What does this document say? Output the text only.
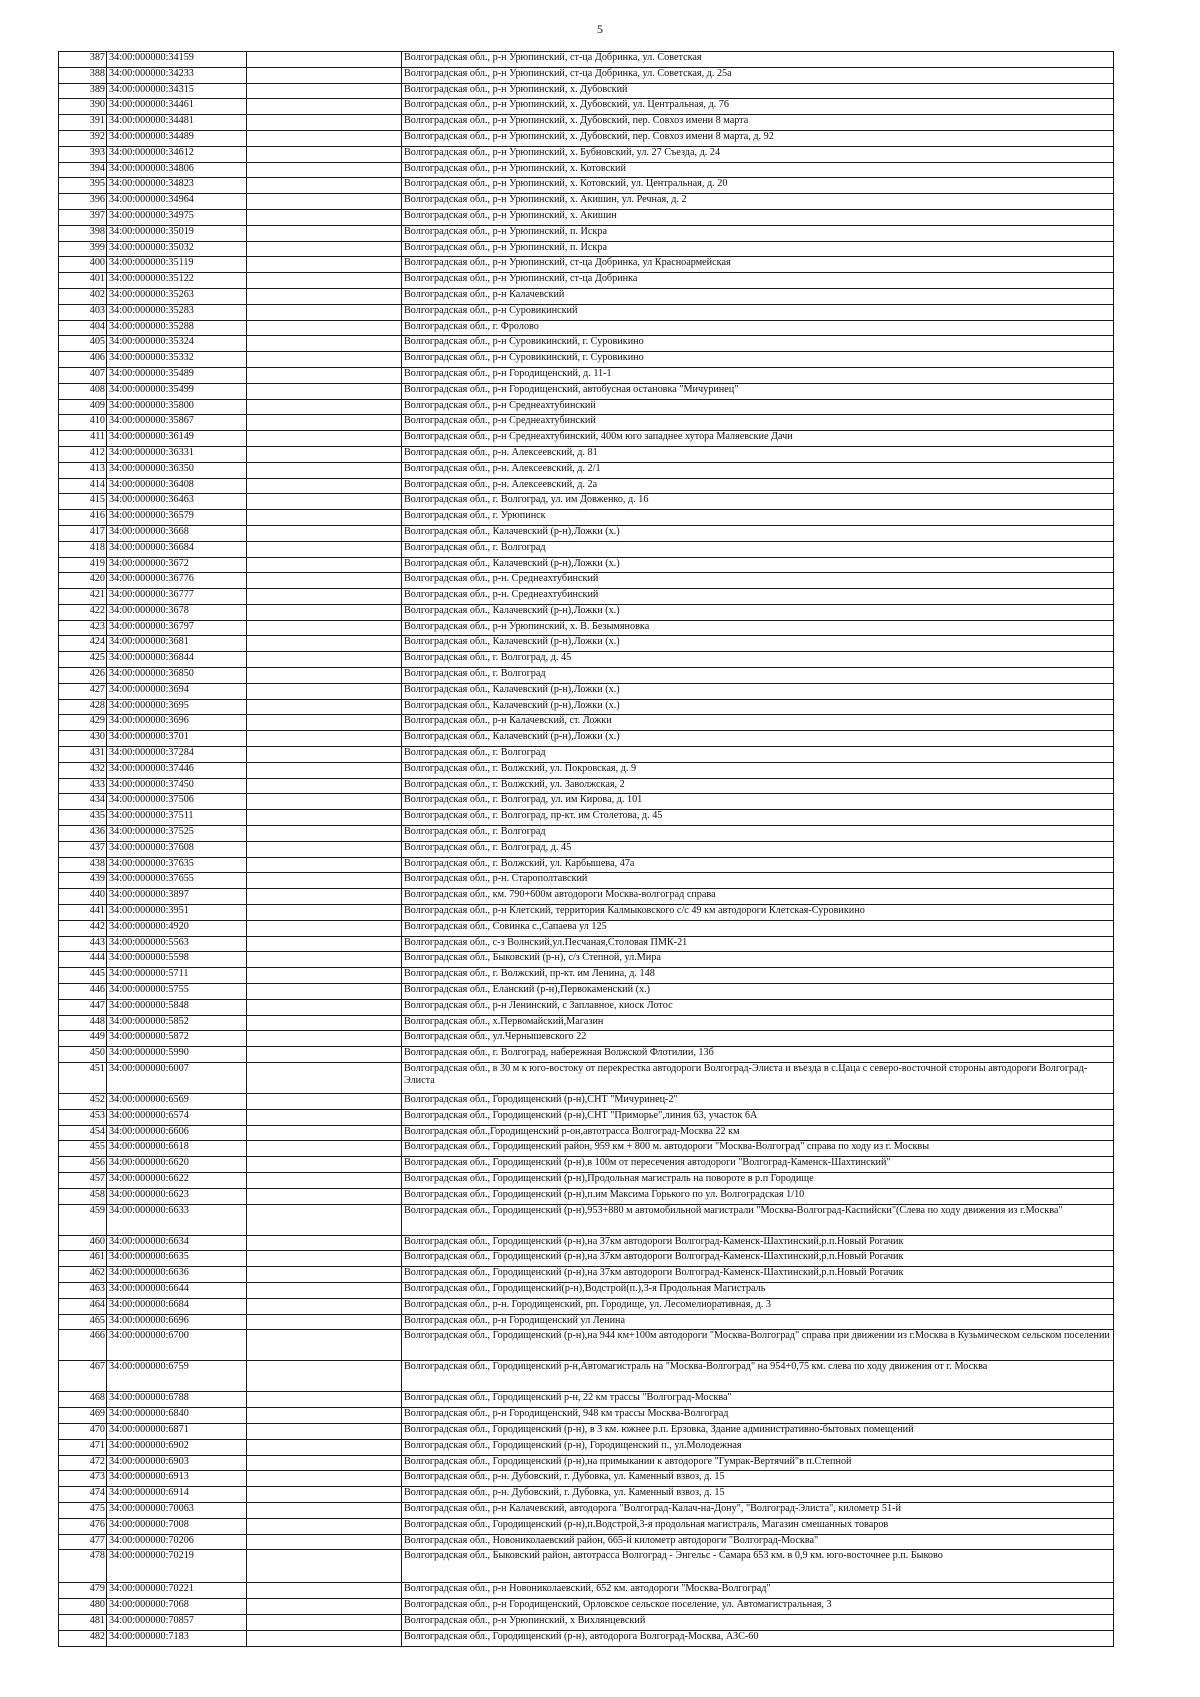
5
387	34:00:000000:34159		Волгоградская обл., р-н Урюпинский, ст-ца Добринка, ул. Советская
388	34:00:000000:34233		Волгоградская обл., р-н Урюпинский, ст-ца Добринка, ул. Советская, д. 25а
389	34:00:000000:34315		Волгоградская обл., р-н Урюпинский, х. Дубовский
390	34:00:000000:34461		Волгоградская обл., р-н Урюпинский, х. Дубовский, ул. Центральная, д. 76
391	34:00:000000:34481		Волгоградская обл., р-н Урюпинский, х. Дубовский, пер. Совхоз имени 8 марта
392	34:00:000000:34489		Волгоградская обл., р-н Урюпинский, х. Дубовский, пер. Совхоз имени 8 марта, д. 92
393	34:00:000000:34612		Волгоградская обл., р-н Урюпинский, х. Бубновский, ул. 27 Съезда, д. 24
394	34:00:000000:34806		Волгоградская обл., р-н Урюпинский, х. Котовский
395	34:00:000000:34823		Волгоградская обл., р-н Урюпинский, х. Котовский, ул. Центральная, д. 20
396	34:00:000000:34964		Волгоградская обл., р-н Урюпинский, х. Акишин, ул. Речная, д. 2
397	34:00:000000:34975		Волгоградская обл., р-н Урюпинский, х. Акишин
398	34:00:000000:35019		Волгоградская обл., р-н Урюпинский, п. Искра
399	34:00:000000:35032		Волгоградская обл., р-н Урюпинский, п. Искра
400	34:00:000000:35119		Волгоградская обл., р-н Урюпинский, ст-ца Добринка, ул Красноармейская
401	34:00:000000:35122		Волгоградская обл., р-н Урюпинский, ст-ца Добринка
402	34:00:000000:35263		Волгоградская обл., р-н Калачевский
403	34:00:000000:35283		Волгоградская обл., р-н Суровикинский
404	34:00:000000:35288		Волгоградская обл., г. Фролово
405	34:00:000000:35324		Волгоградская обл., р-н Суровикинский, г. Суровикино
406	34:00:000000:35332		Волгоградская обл., р-н Суровикинский, г. Суровикино
407	34:00:000000:35489		Волгоградская обл., р-н Городищенский, д. 11-1
408	34:00:000000:35499		Волгоградская обл., р-н Городищенский, автобусная остановка "Мичуринец"
409	34:00:000000:35800		Волгоградская обл., р-н Среднеахтубинский
410	34:00:000000:35867		Волгоградская обл., р-н Среднеахтубинский
411	34:00:000000:36149		Волгоградская обл., р-н Среднеахтубинский, 400м юго западнее хутора Маляевские Дачи
412	34:00:000000:36331		Волгоградская обл., р-н. Алексеевский, д. 81
413	34:00:000000:36350		Волгоградская обл., р-н. Алексеевский, д. 2/1
414	34:00:000000:36408		Волгоградская обл., р-н. Алексеевский, д. 2а
415	34:00:000000:36463		Волгоградская обл., г. Волгоград, ул. им Довженко, д. 16
416	34:00:000000:36579		Волгоградская обл., г. Урюпинск
417	34:00:000000:3668		Волгоградская обл., Калачевский (р-н),Ложки (х.)
418	34:00:000000:36684		Волгоградская обл., г. Волгоград
419	34:00:000000:3672		Волгоградская обл., Калачевский (р-н),Ложки (х.)
420	34:00:000000:36776		Волгоградская обл., р-н. Среднеахтубинский
421	34:00:000000:36777		Волгоградская обл., р-н. Среднеахтубинский
422	34:00:000000:3678		Волгоградская обл., Калачевский (р-н),Ложки (х.)
423	34:00:000000:36797		Волгоградская обл., р-н Урюпинский, х. В. Безымяновка
424	34:00:000000:3681		Волгоградская обл., Калачевский (р-н),Ложки (х.)
425	34:00:000000:36844		Волгоградская обл., г. Волгоград, д. 45
426	34:00:000000:36850		Волгоградская обл., г. Волгоград
427	34:00:000000:3694		Волгоградская обл., Калачевский (р-н),Ложки (х.)
428	34:00:000000:3695		Волгоградская обл., Калачевский (р-н),Ложки (х.)
429	34:00:000000:3696		Волгоградская обл., р-н Калачевский, ст. Ложки
430	34:00:000000:3701		Волгоградская обл., Калачевский (р-н),Ложки (х.)
431	34:00:000000:37284		Волгоградская обл., г. Волгоград
432	34:00:000000:37446		Волгоградская обл., г. Волжский, ул. Покровская, д. 9
433	34:00:000000:37450		Волгоградская обл., г. Волжский, ул. Заволжская, 2
434	34:00:000000:37506		Волгоградская обл., г. Волгоград, ул. им Кирова, д. 101
435	34:00:000000:37511		Волгоградская обл., г. Волгоград, пр-кт. им Столетова, д. 45
436	34:00:000000:37525		Волгоградская обл., г. Волгоград
437	34:00:000000:37608		Волгоградская обл., г. Волгоград, д. 45
438	34:00:000000:37635		Волгоградская обл., г. Волжский, ул. Карбышева, 47а
439	34:00:000000:37655		Волгоградская обл., р-н. Старополтавский
440	34:00:000000:3897		Волгоградская обл., км. 790+600м автодороги Москва-волгоград справа
441	34:00:000000:3951		Волгоградская обл., р-н Клетский, территория Калмыковского с/с 49 км автодороги Клетская-Суровикино
442	34:00:000000:4920		Волгоградская обл., Совинка с.,Сапаева ул 125
443	34:00:000000:5563		Волгоградская обл., с-з Волнский,ул.Песчаная,Столовая ПМК-21
444	34:00:000000:5598		Волгоградская обл., Быковский (р-н), с/з Степной, ул.Мира
445	34:00:000000:5711		Волгоградская обл., г. Волжский, пр-кт. им Ленина, д. 148
446	34:00:000000:5755		Волгоградская обл., Еланский (р-н),Первокаменский (х.)
447	34:00:000000:5848		Волгоградская обл., р-н Ленинский, с Заплавное, киоск Лотос
448	34:00:000000:5852		Волгоградская обл., х.Первомайский,Магазин
449	34:00:000000:5872		Волгоградская обл., ул.Чернышевского 22
450	34:00:000000:5990		Волгоградская обл., г. Волгоград, набережная Волжской Флотилии, 13б
451	34:00:000000:6007		Волгоградская обл., в 30 м к юго-востоку от перекрестка автодороги Волгоград-Элиста и въезда в с.Цаца с северо-восточной стороны автодороги Волгоград-Элиста
452	34:00:000000:6569		Волгоградская обл., Городищенский (р-н),СНТ "Мичуринец-2"
453	34:00:000000:6574		Волгоградская обл., Городищенский (р-н),СНТ "Приморье",линия 63, участок 6А
454	34:00:000000:6606		Волгоградская обл.,Городищенский р-он,автотрасса Волгоград-Москва 22 км
455	34:00:000000:6618		Волгоградская обл., Городищенский район, 959 км + 800 м. автодороги "Москва-Волгоград" справа по ходу из г. Москвы
456	34:00:000000:6620		Волгоградская обл., Городищенский (р-н),в 100м от пересечения автодороги "Волгоград-Каменск-Шахтинский"
457	34:00:000000:6622		Волгоградская обл., Городищенский (р-н),Продольная магистраль на повороте в р.п Городище
458	34:00:000000:6623		Волгоградская обл., Городищенский (р-н),п.им Максима Горького по ул. Волгоградская 1/10
459	34:00:000000:6633		Волгоградская обл., Городищенский (р-н),953+880 м автомобильной магистрали "Москва-Волгоград-Каспийски"(Слева по ходу движения из г.Москва"
460	34:00:000000:6634		Волгоградская обл., Городищенский (р-н),на 37км автодороги Волгоград-Каменск-Шахтинский,р.п.Новый Рогачик
461	34:00:000000:6635		Волгоградская обл., Городищенский (р-н),на 37км автодороги Волгоград-Каменск-Шахтинский,р.п.Новый Рогачик
462	34:00:000000:6636		Волгоградская обл., Городищенский (р-н),на 37км автодороги Волгоград-Каменск-Шахтинский,р.п.Новый Рогачик
463	34:00:000000:6644		Волгоградская обл., Городищенский(р-н),Водстрой(п.),3-я Продольная Магистраль
464	34:00:000000:6684		Волгоградская обл., р-н. Городищенский, рп. Городище, ул. Лесомелиоративная, д. 3
465	34:00:000000:6696		Волгоградская обл., р-н Городищенский ул Ленина
466	34:00:000000:6700		Волгоградская обл., Городищенский (р-н),на 944 км+100м автодороги "Москва-Волгоград" справа при движении из г.Москва в Кузьмическом сельском поселении
467	34:00:000000:6759		Волгоградская обл., Городищенский р-н,Автомагистраль на "Москва-Волгоград" на 954+0,75 км. слева по ходу движения от г. Москва
468	34:00:000000:6788		Волгоградская обл., Городищенский р-н, 22 км трассы "Волгоград-Москва"
469	34:00:000000:6840		Волгоградская обл., р-н Городищенский, 948 км трассы Москва-Волгоград
470	34:00:000000:6871		Волгоградская обл., Городищенский (р-н), в 3 км. южнее р.п. Ерзовка, Здание административно-бытовых помещений
471	34:00:000000:6902		Волгоградская обл., Городищенский (р-н), Городищенский п., ул.Молодежная
472	34:00:000000:6903		Волгоградская обл., Городищенский (р-н),на примыкании к автодороге "Гумрак-Вертячий"в п.Степной
473	34:00:000000:6913		Волгоградская обл., р-н. Дубовский, г. Дубовка, ул. Каменный взвоз, д. 15
474	34:00:000000:6914		Волгоградская обл., р-н. Дубовский, г. Дубовка, ул. Каменный взвоз, д. 15
475	34:00:000000:70063		Волгоградская обл., р-н Калачевский, автодорога "Волгоград-Калач-на-Дону", "Волгоград-Элиста", километр 51-й
476	34:00:000000:7008		Волгоградская обл., Городищенский (р-н),п.Водстрой,3-я продольная магистраль, Магазин смешанных товаров
477	34:00:000000:70206		Волгоградская обл., Новониколаевский район, 665-й километр автодороги "Волгоград-Москва"
478	34:00:000000:70219		Волгоградская обл., Быковский район, автотрасса Волгоград - Энгельс - Самара 653 км. в 0,9 км. юго-восточнее р.п. Быково
479	34:00:000000:70221		Волгоградская обл., р-н Новониколаевский, 652 км. автодороги "Москва-Волгоград"
480	34:00:000000:7068		Волгоградская обл., р-н Городищенский, Орловское сельское поселение, ул. Автомагистральная, 3
481	34:00:000000:70857		Волгоградская обл., р-н Урюпинский, х Вихлянцевский
482	34:00:000000:7183		Волгоградская обл., Городищенский (р-н), автодорога Волгоград-Москва, АЗС-60
